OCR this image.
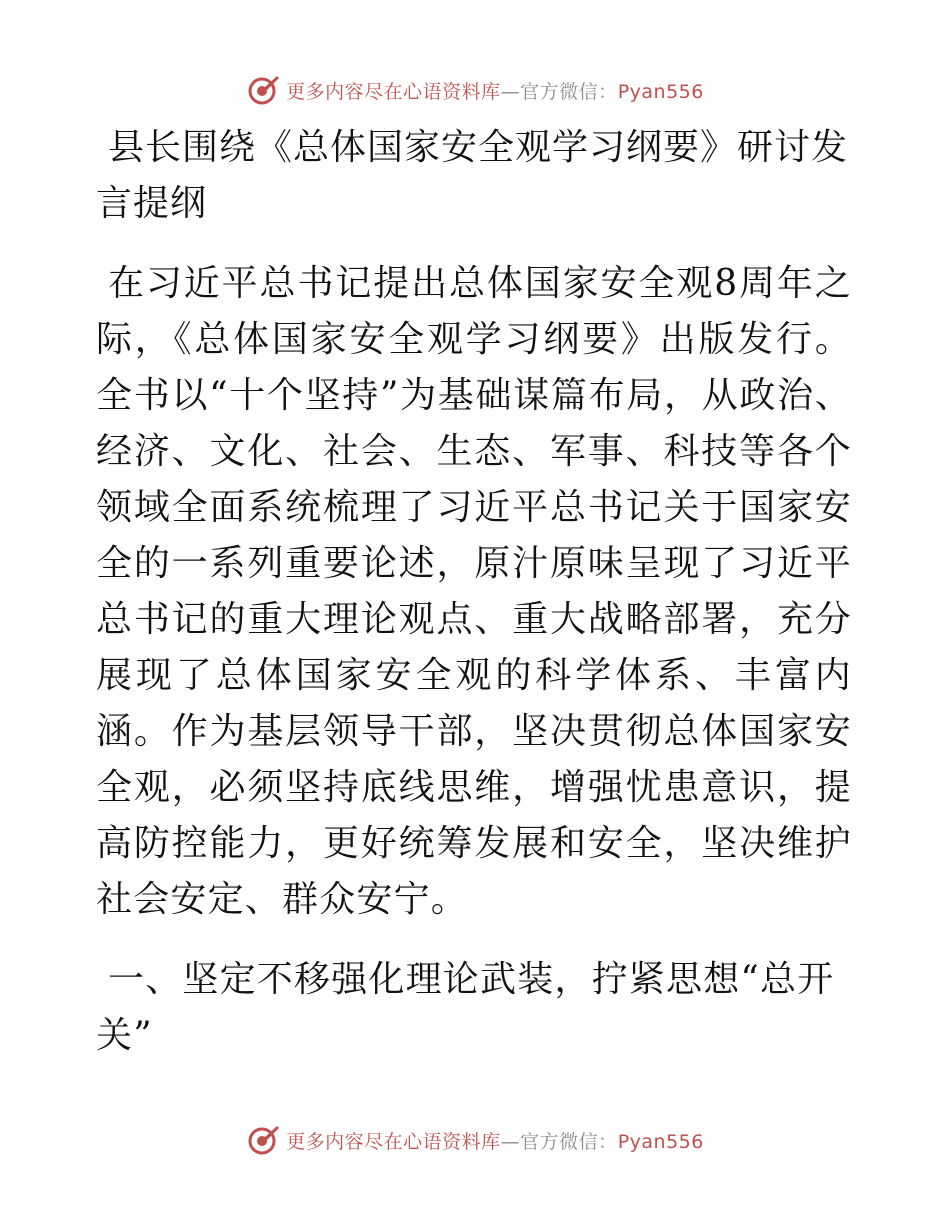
更多内容尽在心语资料库—官方微信：Pyan556
县长围绕《总体国家安全观学习纲要》研讨发言提纲

在习近平总书记提出总体国家安全观8周年之际，《总体国家安全观学习纲要》出版发行。全书以“十个坚持”为基础谋篇布局，从政治、经济、文化、社会、生态、军事、科技等各个领域全面系统梳理了习近平总书记关于国家安全的一系列重要论述，原汁原味呈现了习近平总书记的重大理论观点、重大战略部署，充分展现了总体国家安全观的科学体系、丰富内涵。作为基层领导干部，坚决贯彻总体国家安全观，必须坚持底线思维，增强忧患意识，提高防控能力，更好统筹发展和安全，坚决维护社会安定、群众安宁。

一、坚定不移强化理论武装，拧紧思想“总开关”
更多内容尽在心语资料库—官方微信：Pyan556
